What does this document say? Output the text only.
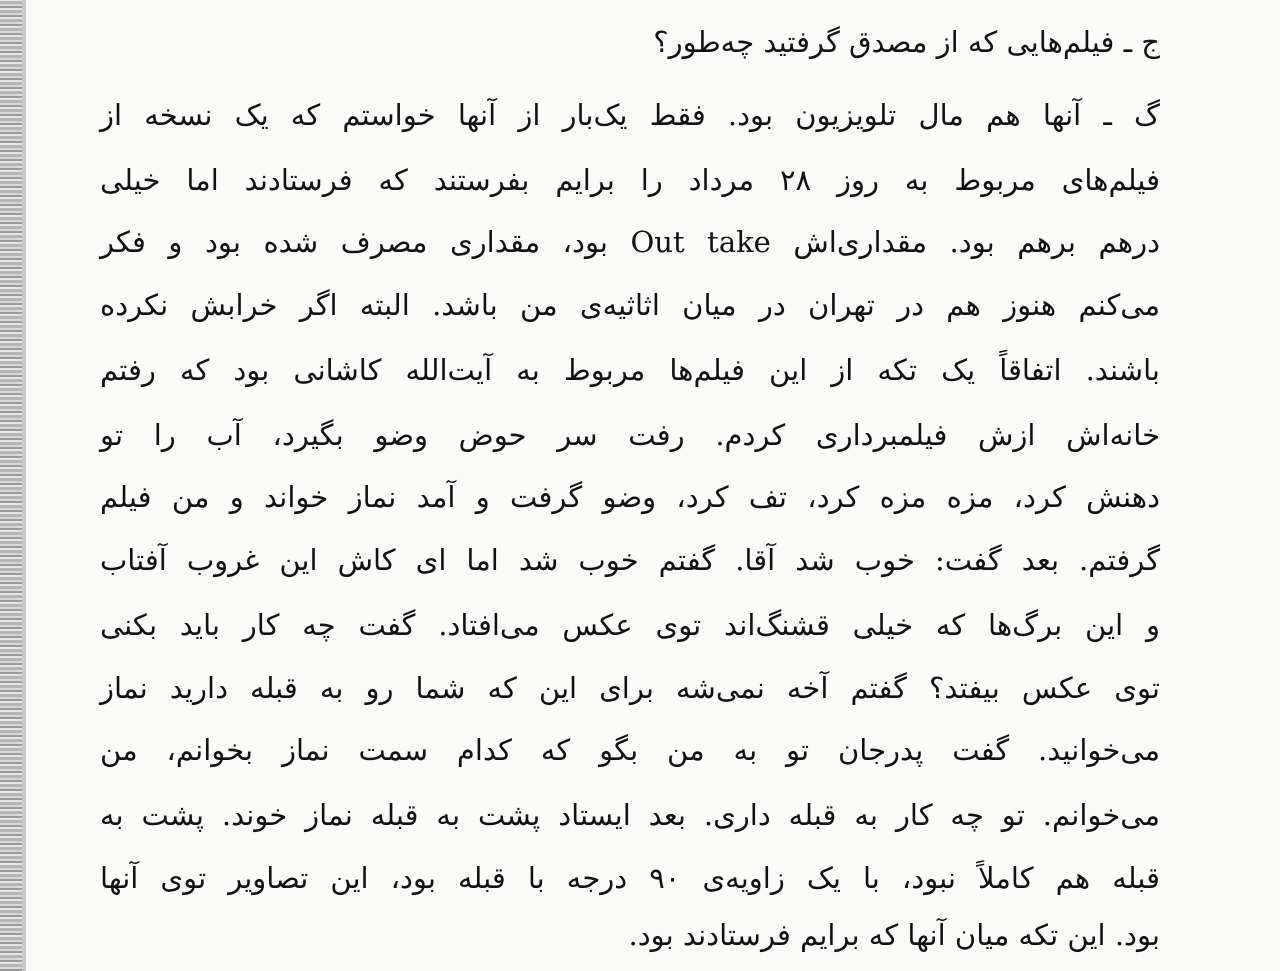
ج ـ فیلم‌هایی که از مصدق گرفتید چه‌طور؟
گ ـ آنها هم مال تلویزیون بود. فقط یک‌بار از آنها خواستم که یک نسخه از
فیلم‌های مربوط به روز ۲۸ مرداد را برایم بفرستند که فرستادند اما خیلی
درهم برهم بود. مقداری‌اش Out take بود، مقداری مصرف شده بود و فکر
می‌کنم هنوز هم در تهران در میان اثاثیه‌ی من باشد. البته اگر خرابش نکرده
باشند. اتفاقاً یک تکه از این فیلم‌ها مربوط به آیت‌الله کاشانی بود که رفتم
خانه‌اش ازش فیلمبرداری کردم. رفت سر حوض وضو بگیرد، آب را تو
دهنش کرد، مزه مزه کرد، تف کرد، وضو گرفت و آمد نماز خواند و من فیلم
گرفتم. بعد گفت: خوب شد آقا. گفتم خوب شد اما ای کاش این غروب آفتاب
و این برگ‌ها که خیلی قشنگ‌اند توی عکس می‌افتاد. گفت چه کار باید بکنی
توی عکس بیفتد؟ گفتم آخه نمی‌شه برای این که شما رو به قبله دارید نماز
می‌خوانید. گفت پدرجان تو به من بگو که کدام سمت نماز بخوانم، من
می‌خوانم. تو چه کار به قبله داری. بعد ایستاد پشت به قبله نماز خوند. پشت به
قبله هم کاملاً نبود، با یک زاویه‌ی ۹۰ درجه با قبله بود، این تصاویر توی آنها
بود. این تکه میان آنها که برایم فرستادند بود.
